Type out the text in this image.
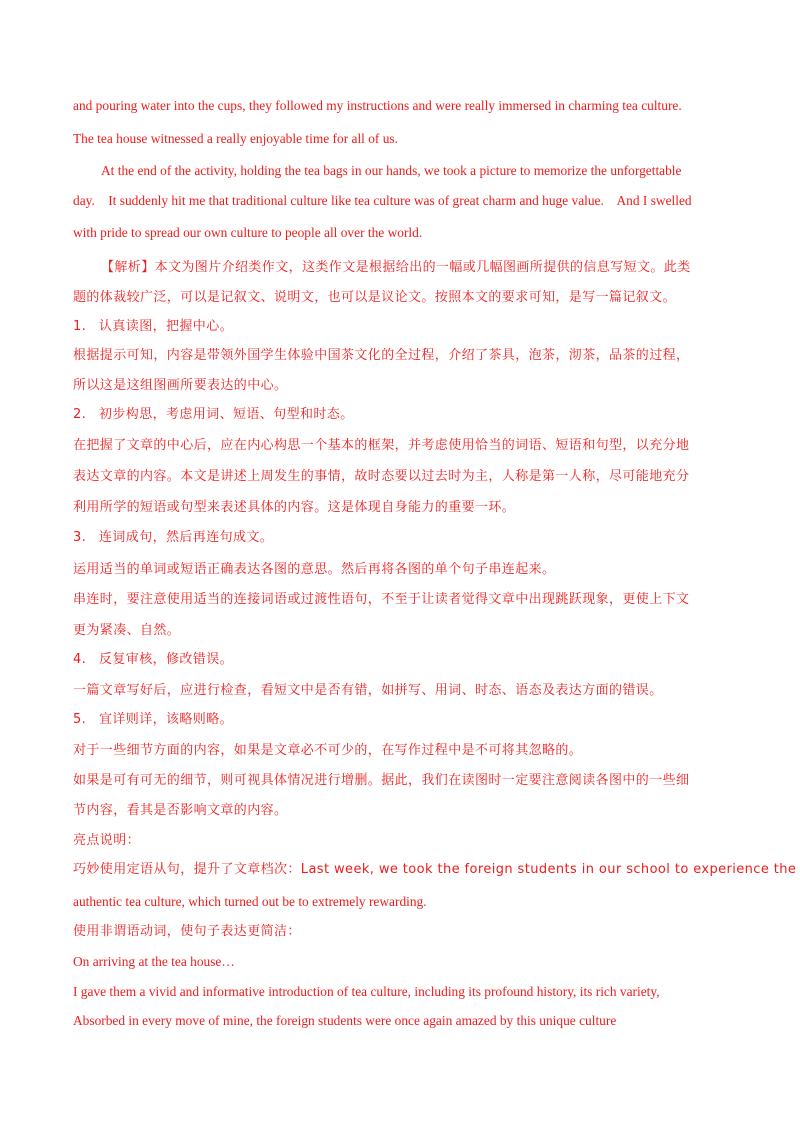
and pouring water into the cups, they followed my instructions and were really immersed in charming tea culture.

The tea house witnessed a really enjoyable time for all of us.

At the end of the activity, holding the tea bags in our hands, we took a picture to memorize the unforgettable

day.    It suddenly hit me that traditional culture like tea culture was of great charm and huge value.    And I swelled

with pride to spread our own culture to people all over the world.

【解析】本文为图片介绍类作文，这类作文是根据给出的一幅或几幅图画所提供的信息写短文。此类

题的体裁较广泛，可以是记叙文、说明文，也可以是议论文。按照本文的要求可知，是写一篇记叙文。

1. 认真读图，把握中心。

根据提示可知，内容是带领外国学生体验中国茶文化的全过程，介绍了茶具，泡茶，沏茶，品茶的过程，

所以这是这组图画所要表达的中心。

2. 初步构思，考虑用词、短语、句型和时态。

在把握了文章的中心后，应在内心构思一个基本的框架，并考虑使用恰当的词语、短语和句型，以充分地

表达文章的内容。本文是讲述上周发生的事情，故时态要以过去时为主，人称是第一人称，尽可能地充分

利用所学的短语或句型来表述具体的内容。这是体现自身能力的重要一环。

3. 连词成句，然后再连句成文。

运用适当的单词或短语正确表达各图的意思。然后再将各图的单个句子串连起来。

串连时，要注意使用适当的连接词语或过渡性语句，不至于让读者觉得文章中出现跳跃现象，更使上下文

更为紧凑、自然。

4. 反复审核，修改错误。

一篇文章写好后，应进行检查，看短文中是否有错，如拼写、用词、时态、语态及表达方面的错误。

5. 宜详则详，该略则略。

对于一些细节方面的内容，如果是文章必不可少的，在写作过程中是不可将其忽略的。

如果是可有可无的细节，则可视具体情况进行增删。据此，我们在读图时一定要注意阅读各图中的一些细

节内容，看其是否影响文章的内容。

亮点说明：

巧妙使用定语从句，提升了文章档次：Last week, we took the foreign students in our school to experience the

authentic tea culture, which turned out be to extremely rewarding.

使用非谓语动词，使句子表达更简洁：

On arriving at the tea house…

I gave them a vivid and informative introduction of tea culture, including its profound history, its rich variety,

Absorbed in every move of mine, the foreign students were once again amazed by this unique culture
